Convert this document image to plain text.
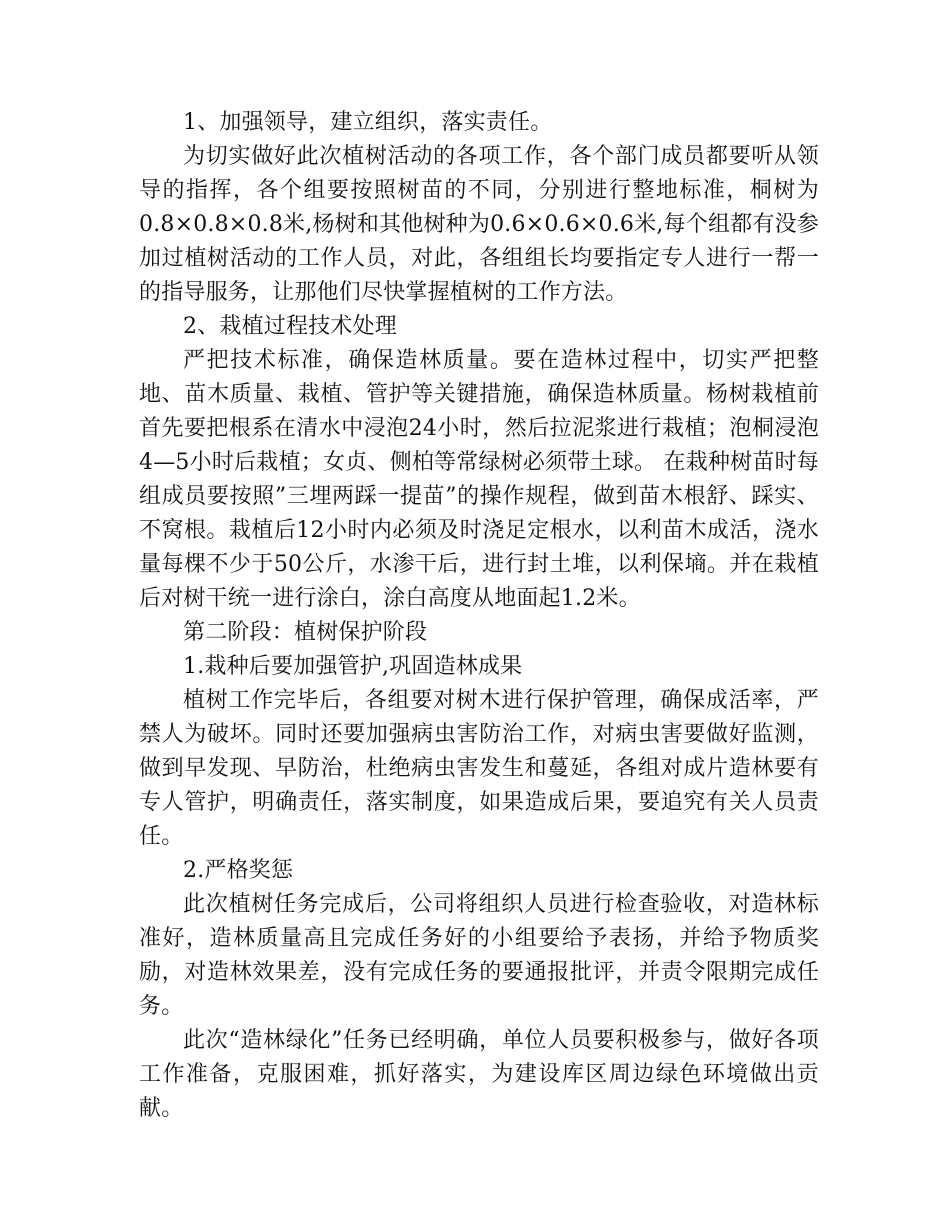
1、加强领导，建立组织，落实责任。

为切实做好此次植树活动的各项工作，各个部门成员都要听从领导的指挥，各个组要按照树苗的不同，分别进行整地标准，桐树为0.8×0.8×0.8米,杨树和其他树种为0.6×0.6×0.6米,每个组都有没参加过植树活动的工作人员，对此，各组组长均要指定专人进行一帮一的指导服务，让那他们尽快掌握植树的工作方法。

2、栽植过程技术处理

严把技术标准，确保造林质量。要在造林过程中，切实严把整地、苗木质量、栽植、管护等关键措施，确保造林质量。杨树栽植前首先要把根系在清水中浸泡24小时，然后拉泥浆进行栽植；泡桐浸泡4—5小时后栽植；女贞、侧柏等常绿树必须带土球。 在栽种树苗时每组成员要按照”三埋两踩一提苗”的操作规程，做到苗木根舒、踩实、不窝根。栽植后12小时内必须及时浇足定根水，以利苗木成活，浇水量每棵不少于50公斤，水渗干后，进行封土堆，以利保墒。并在栽植后对树干统一进行涂白，涂白高度从地面起1.2米。

第二阶段：植树保护阶段

1.栽种后要加强管护,巩固造林成果

植树工作完毕后，各组要对树木进行保护管理，确保成活率，严禁人为破坏。同时还要加强病虫害防治工作，对病虫害要做好监测，做到早发现、早防治，杜绝病虫害发生和蔓延，各组对成片造林要有专人管护，明确责任，落实制度，如果造成后果，要追究有关人员责任。

2.严格奖惩

此次植树任务完成后，公司将组织人员进行检查验收，对造林标准好，造林质量高且完成任务好的小组要给予表扬，并给予物质奖励，对造林效果差，没有完成任务的要通报批评，并责令限期完成任务。

此次“造林绿化”任务已经明确，单位人员要积极参与，做好各项工作准备，克服困难，抓好落实，为建设库区周边绿色环境做出贡献。
